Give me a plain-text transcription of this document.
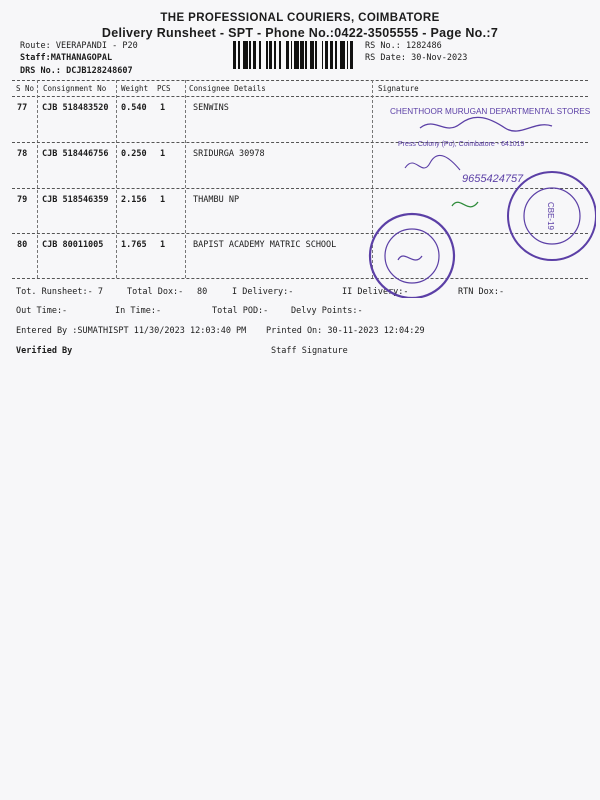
THE PROFESSIONAL COURIERS, COIMBATORE
Delivery Runsheet - SPT - Phone No.:0422-3505555 - Page No.:7
Route: VEERAPANDI - P20
Staff:MATHANAGOPAL
DRS No.: DCJB128248607
RS No.: 1282486
RS Date: 30-Nov-2023
S No Consignment No Weight PCS Consignee Details	Signature
77 CJB 518483520 0.540 1	SENWINS
78 CJB 518446756 0.250 1	SRIDURGA 30978
79 CJB 518546359 2.156 1	THAMBU NP
80 CJB 80011005 1.765 1	BAPIST ACADEMY MATRIC SCHOOL
Tot. Runsheet:- 7	Total Dox:- 80	I Delivery:-	II Delivery:-	RTN Dox:-
Out Time:-	In Time:-	Total POD:-	Delvy Points:-
Entered By :SUMATHISPT 11/30/2023 12:03:40 PM Printed On: 30-11-2023 12:04:29
Verified By	Staff Signature
CHENTHOOR MURUGAN DEPARTMENTAL STORES
Press Colony (Po), Coimbatore - 641019
9655424757
CBE-19
